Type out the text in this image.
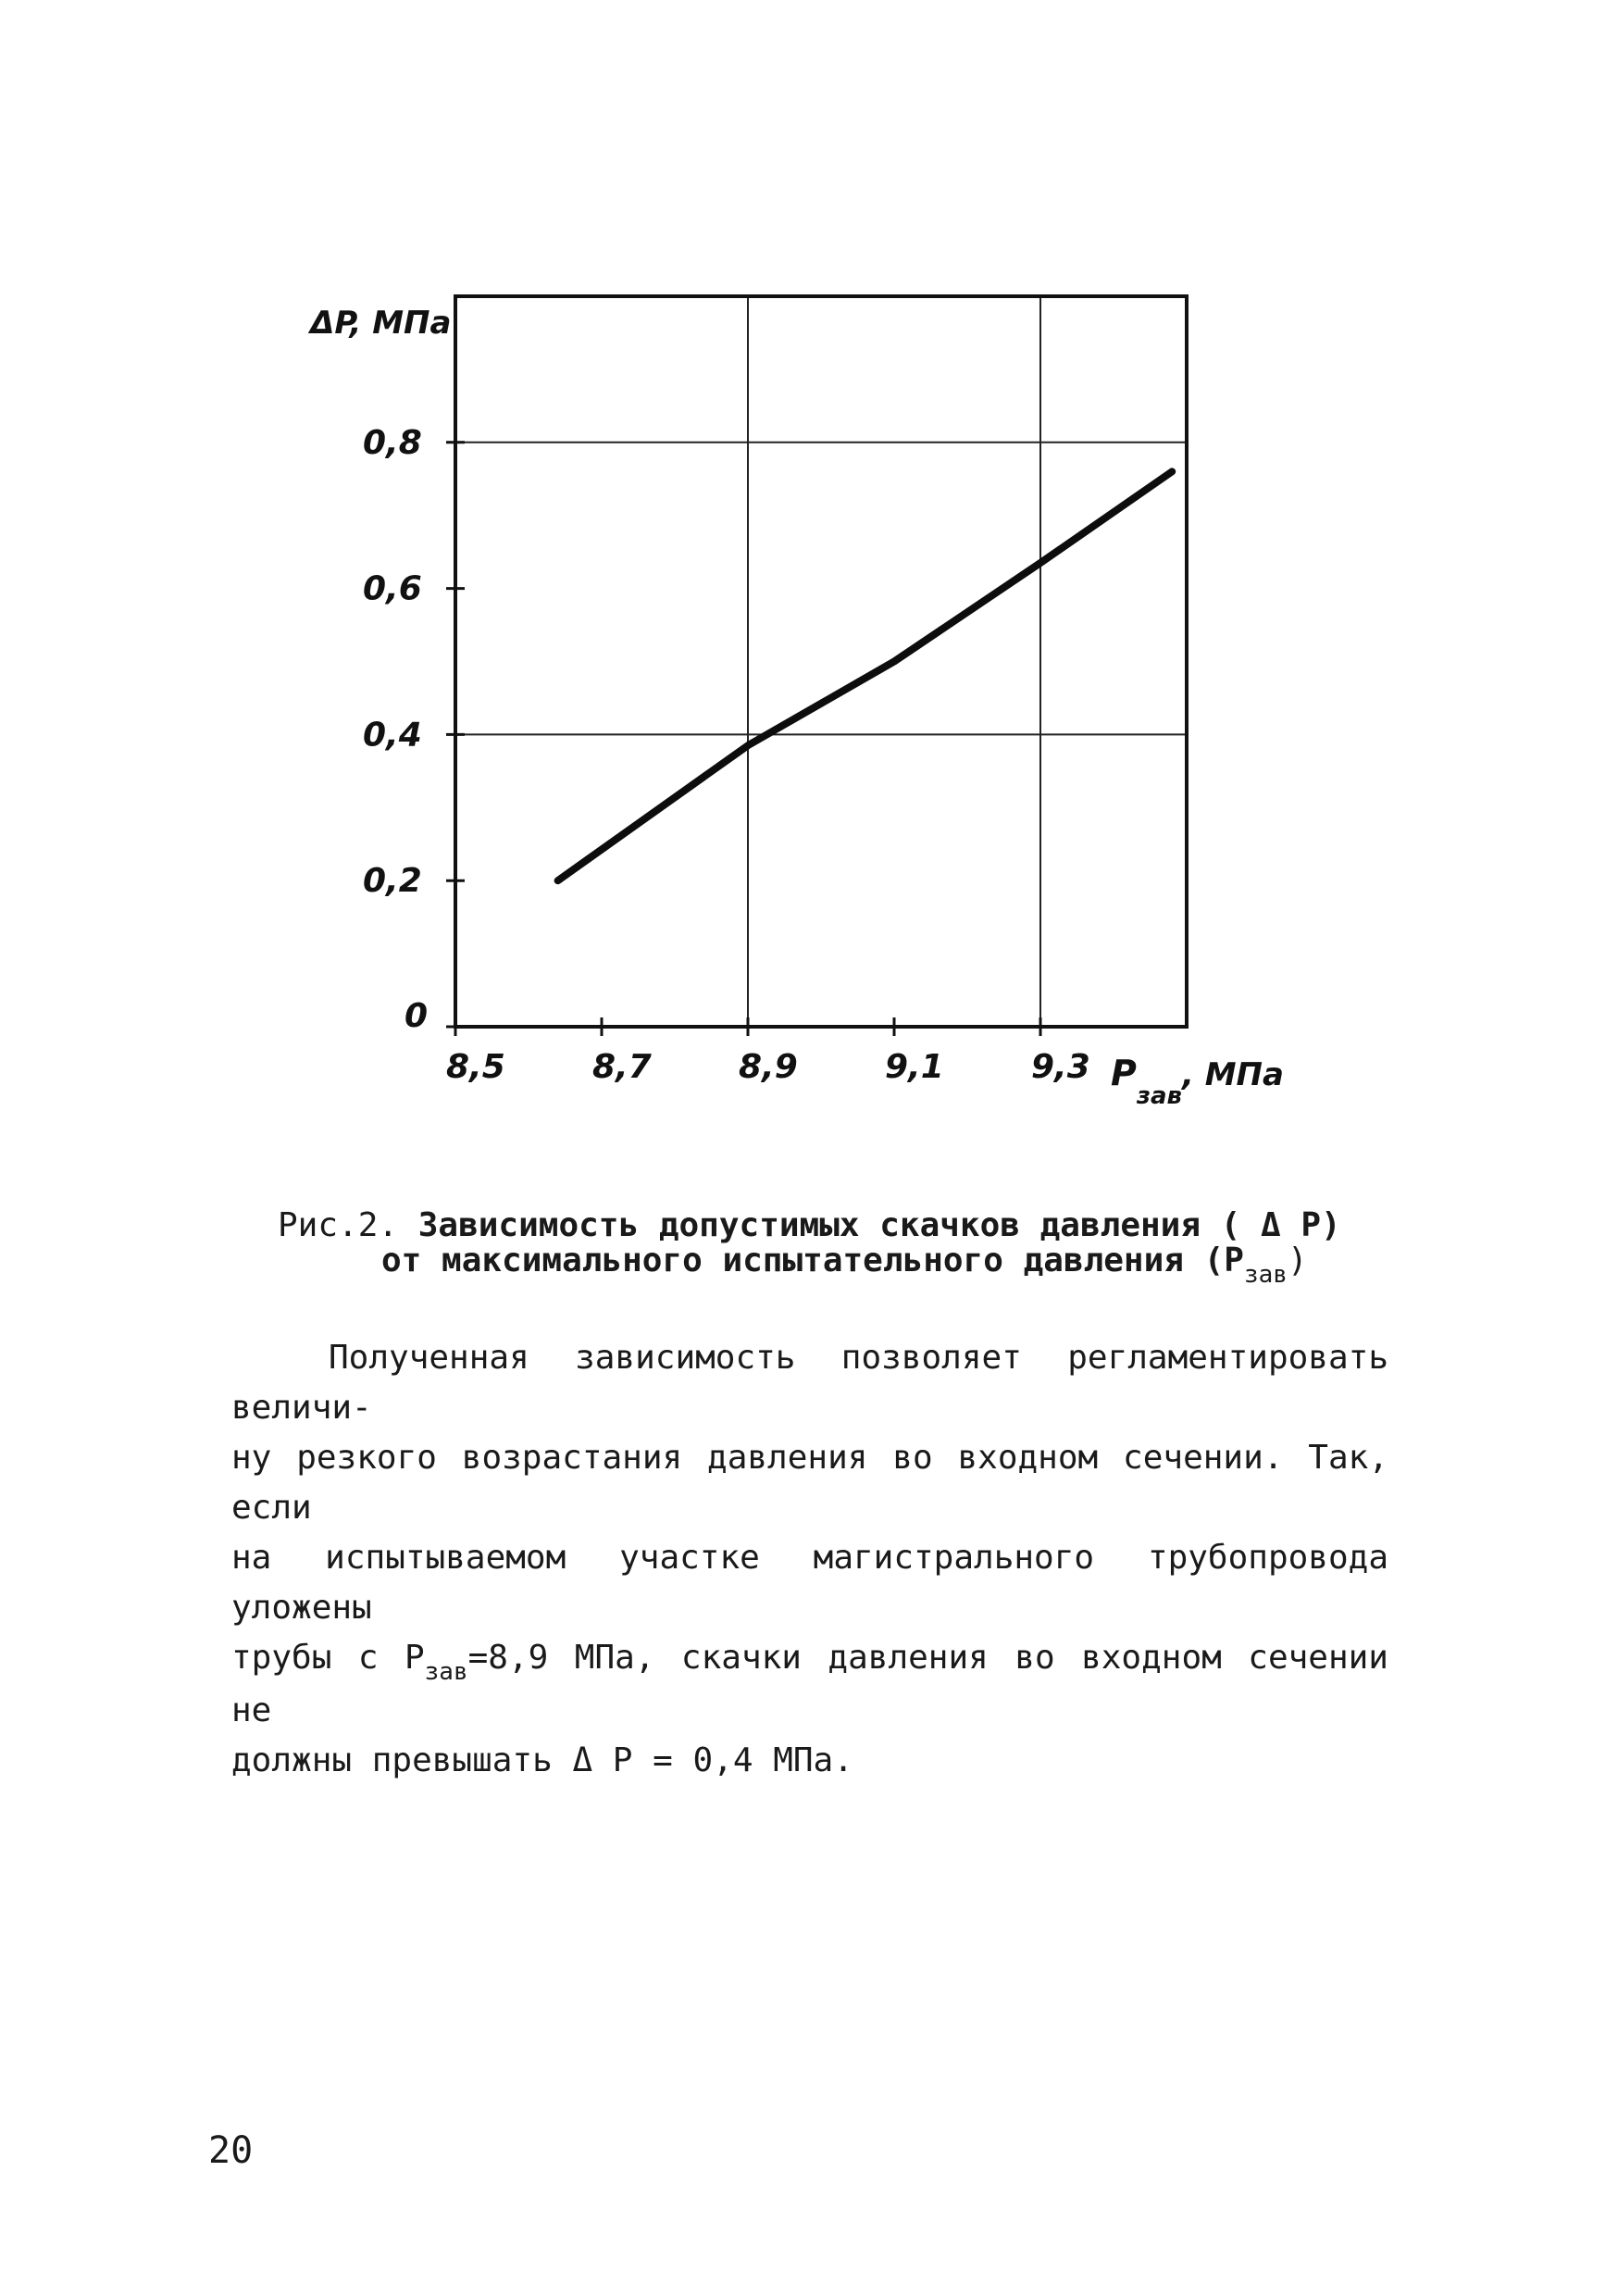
8,5	8,7	8,9	9,1	9,3
0
0,2
0,4
0,6
0,8
ΔP, МПа
$P_{зав}$, МПа
Рис.2. Зависимость допустимых скачков давления ( Δ P)
от максимального испытательного давления $(P_{зав})$

Полученная зависимость позволяет регламентировать величи-

ну резкого возрастания давления во входном сечении. Так, если
на испытываемом участке магистрального трубопровода уложены
трубы с $P_{зав}=8,9$ МПа, скачки давления во входном сечении не
должны превышать Δ P = 0,4 МПа.
20
